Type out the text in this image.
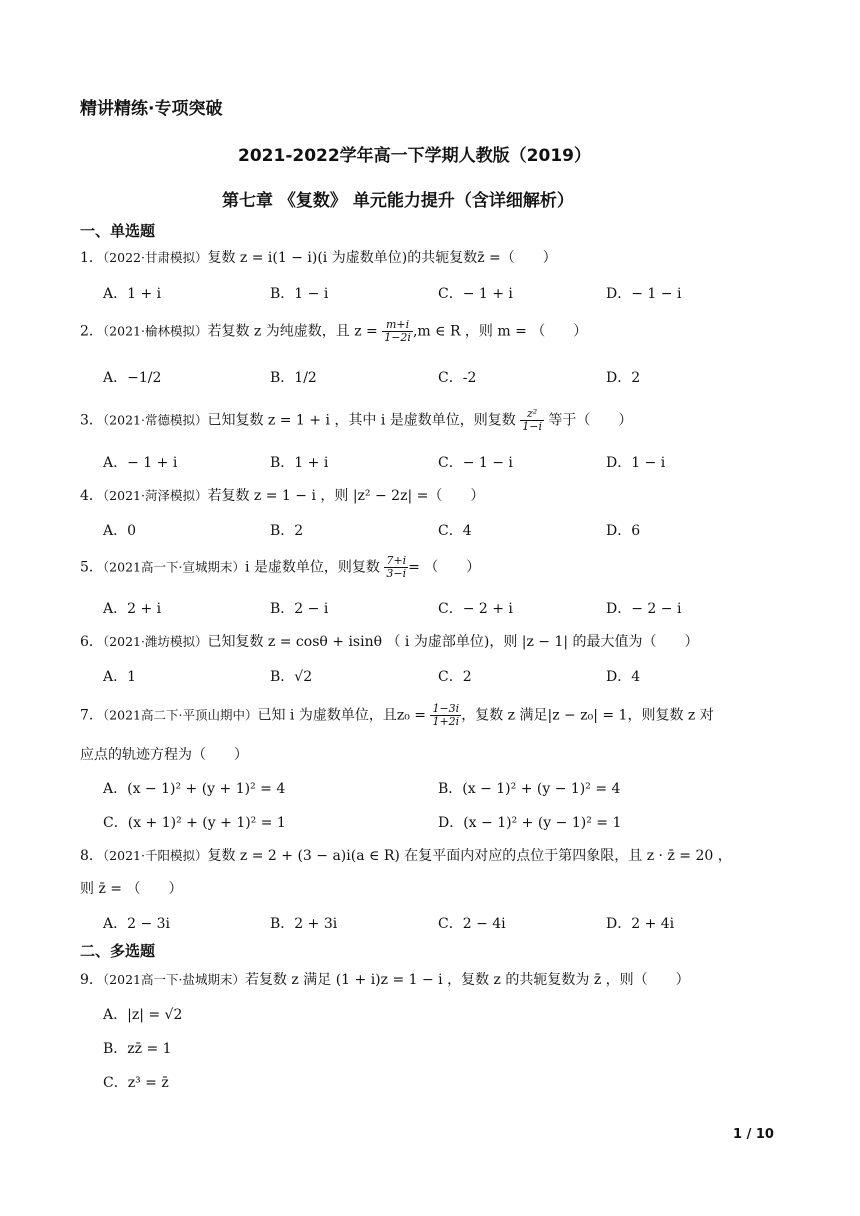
精讲精练·专项突破
2021-2022学年高一下学期人教版（2019）
第七章 《复数》 单元能力提升（含详细解析）
一、单选题
1．（2022·甘肃模拟）复数 z = i(1 − i)(i 为虚数单位)的共轭复数z̄ =（　　）
A．1 + i	B．1 − i	C．− 1 + i	D．− 1 − i
2．（2021·榆林模拟）若复数 z 为纯虚数，且 $z = \frac{m+i}{1-2i} ,m$ ∈ R ，则 m = （　　）
A．−1/2	B．1/2	C．-2	D．2
3．（2021·常德模拟）已知复数 z = 1 + i ，其中 i 是虚数单位，则复数 $\frac{\text{z²}}{1-i}$ 等于（　　）
A．− 1 + i	B．1 + i	C．− 1 − i	D．1 − i
4．（2021·菏泽模拟）若复数 z = 1 − i ，则 |z² − 2z| =（　　）
A．0	B．2	C．4	D．6
5．（2021高一下·宣城期末）i 是虚数单位，则复数 $\frac{7+i}{3-i}$ = （　　）
A．2 + i	B．2 − i	C．− 2 + i	D．− 2 − i
6．（2021·潍坊模拟）已知复数 z = cosθ + isinθ （ i 为虚部单位)，则 |z − 1| 的最大值为（　　）
A．1	B．√2	C．2	D．4
7．（2021高二下·平顶山期中）已知 i 为虚数单位，且$z_0 = \frac{1-3i}{1+2i}$ ，复数 z 满足|z − z₀| = 1，则复数 z 对
应点的轨迹方程为（　　）
A．(x − 1)² + (y + 1)² = 4	B．(x − 1)² + (y − 1)² = 4
C．(x + 1)² + (y + 1)² = 1	D．(x − 1)² + (y − 1)² = 1
8．（2021·千阳模拟）复数 z = 2 + (3 − a)i(a ∈ R) 在复平面内对应的点位于第四象限，且 z · z̄ = 20 ，
则 z̄ = （　　）
A．2 − 3i	B．2 + 3i	C．2 − 4i	D．2 + 4i
二、多选题
9．（2021高一下·盐城期末）若复数 z 满足 (1 + i)z = 1 − i ，复数 z 的共轭复数为 z̄ ，则（　　）
A．|z| = √2
B．zz̄ = 1
C．z³ = z̄
1 / 10
